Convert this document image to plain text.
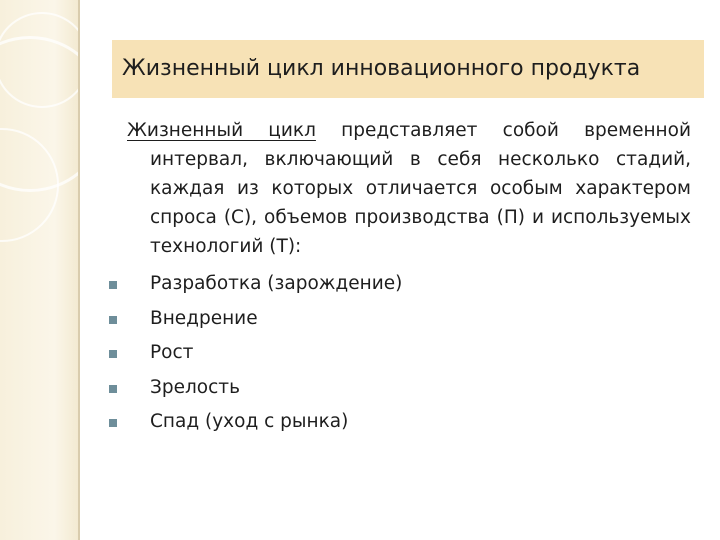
Жизненный цикл инновационного продукта

Жизненный цикл представляет собой временной интервал, включающий в себя несколько стадий, каждая из которых отличается особым характером спроса (С), объемов производства (П) и используемых технологий (Т):

Разработка (зарождение)
Внедрение
Рост
Зрелость
Спад (уход с рынка)
